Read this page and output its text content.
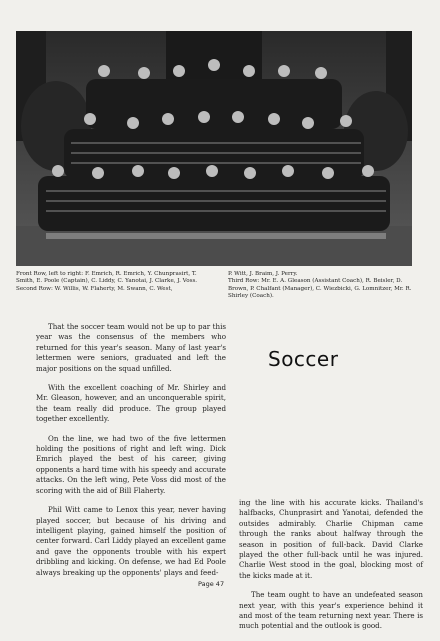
Front Row, left to right: F. Emrich, R. Emrich, Y. Chunprasirt, T. Smith, E. Poole (Captain), C. Liddy, C. Yanotai, J. Clarke, J. Voss.

Second Row: W. Willis, W. Flaherty, M. Swann, C. West,

P. Witt, J. Braim, J. Perry.

Third Row: Mr. E. A. Gleason (Assistant Coach), R. Beisler, D. Brown, P. Chalfant (Manager), C. Wiezbicki, G. Lomnitzer, Mr. R. Shirley (Coach).

Soccer

That the soccer team would not be up to par this year was the consensus of the members who returned for this year's season. Many of last year's lettermen were seniors, graduated and left the major positions on the squad unfilled.

With the excellent coaching of Mr. Shirley and Mr. Gleason, however, and an unconquerable spirit, the team really did produce. The group played together excellently.

On the line, we had two of the five lettermen holding the positions of right and left wing. Dick Emrich played the best of his career, giving opponents a hard time with his speedy and accurate attacks. On the left wing, Pete Voss did most of the scoring with the aid of Bill Flaherty.

Phil Witt came to Lenox this year, never having played soccer, but because of his driving and intelligent playing, gained himself the position of center forward. Carl Liddy played an excellent game and gave the opponents trouble with his expert dribbling and kicking. On defense, we had Ed Poole always breaking up the opponents' plays and feed-

ing the line with his accurate kicks. Thailand's halfbacks, Chunprasirt and Yanotai, defended the outsides admirably. Charlie Chipman came through the ranks about halfway through the season in position of full-back. David Clarke played the other full-back until he was injured. Charlie West stood in the goal, blocking most of the kicks made at it.

The team ought to have an undefeated season next year, with this year's experience behind it and most of the team returning next year. There is much potential and the outlook is good.

Page 47
